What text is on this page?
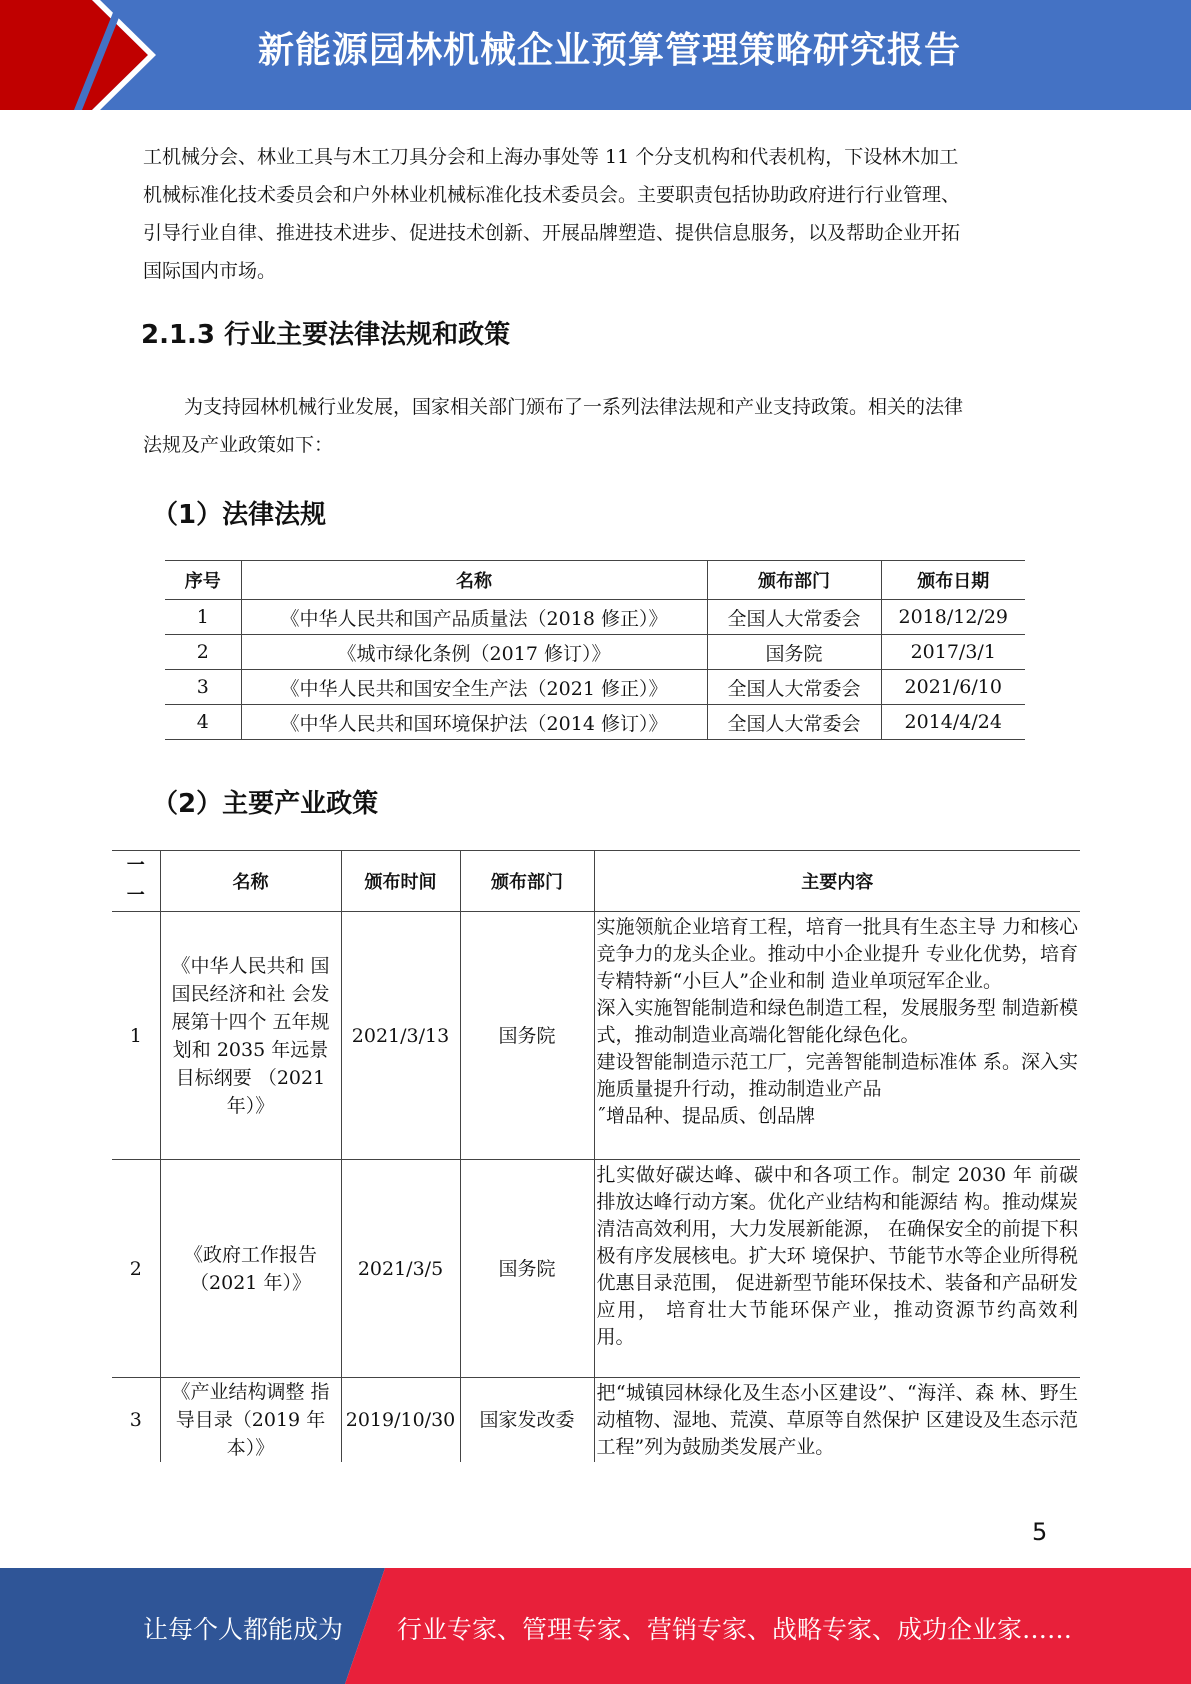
新能源园林机械企业预算管理策略研究报告
工机械分会、林业工具与木工刀具分会和上海办事处等 11 个分支机构和代表机构，下设林木加工
机械标准化技术委员会和户外林业机械标准化技术委员会。主要职责包括协助政府进行行业管理、
引导行业自律、推进技术进步、促进技术创新、开展品牌塑造、提供信息服务，以及帮助企业开拓
国际国内市场。
2.1.3 行业主要法律法规和政策
为支持园林机械行业发展，国家相关部门颁布了一系列法律法规和产业支持政策。相关的法律
法规及产业政策如下：
（1）法律法规
序号	名称	颁布部门	颁布日期
1	《中华人民共和国产品质量法（2018 修正）》	全国人大常委会	2018/12/29
2	《城市绿化条例（2017 修订）》	国务院	2017/3/1
3	《中华人民共和国安全生产法（2021 修正）》	全国人大常委会	2021/6/10
4	《中华人民共和国环境保护法（2014 修订）》	全国人大常委会	2014/4/24
（2）主要产业政策
一
一	名称	颁布时间	颁布部门	主要内容
1	《中华人民共和 国国民经济和社 会发展第十四个 五年规划和 2035 年远景目标纲要 （2021 年）》	2021/3/13	国务院	实施领航企业培育工程，培育一批具有生态主导 力和核心竞争力的龙头企业。推动中小企业提升 专业化优势，培育专精特新“小巨人”企业和制 造业单项冠军企业。
深入实施智能制造和绿色制造工程，发展服务型 制造新模式，推动制造业高端化智能化绿色化。
建设智能制造示范工厂，完善智能制造标准体 系。深入实施质量提升行动，推动制造业产品
˝增品种、提品质、创品牌

2	《政府工作报告（2021 年）》	2021/3/5	国务院	扎实做好碳达峰、碳中和各项工作。制定 2030 年 前碳排放达峰行动方案。优化产业结构和能源结 构。推动煤炭清洁高效利用，大力发展新能源， 在确保安全的前提下积极有序发展核电。扩大环 境保护、节能节水等企业所得税优惠目录范围， 促进新型节能环保技术、装备和产品研发应用， 培育壮大节能环保产业，推动资源节约高效利 用。

3	《产业结构调整 指导目录（2019 年本）》	2019/10/30	国家发改委	把“城镇园林绿化及生态小区建设”、“海洋、森 林、野生动植物、湿地、荒漠、草原等自然保护 区建设及生态示范工程”列为鼓励类发展产业。
5
让每个人都能成为 行业专家、管理专家、营销专家、战略专家、成功企业家……
